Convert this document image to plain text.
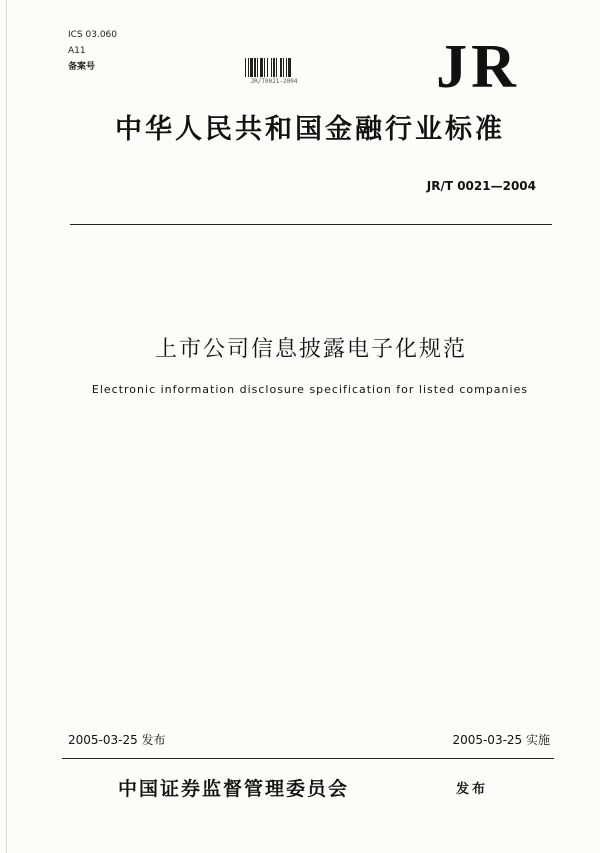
ICS 03.060
A11
备案号
JR/T0021-2004 JR
中华人民共和国金融行业标准
JR/T 0021—2004
上市公司信息披露电子化规范
Electronic information disclosure specification for listed companies
2005-03-25 发布	2005-03-25 实施
中国证券监督管理委员会	发布
